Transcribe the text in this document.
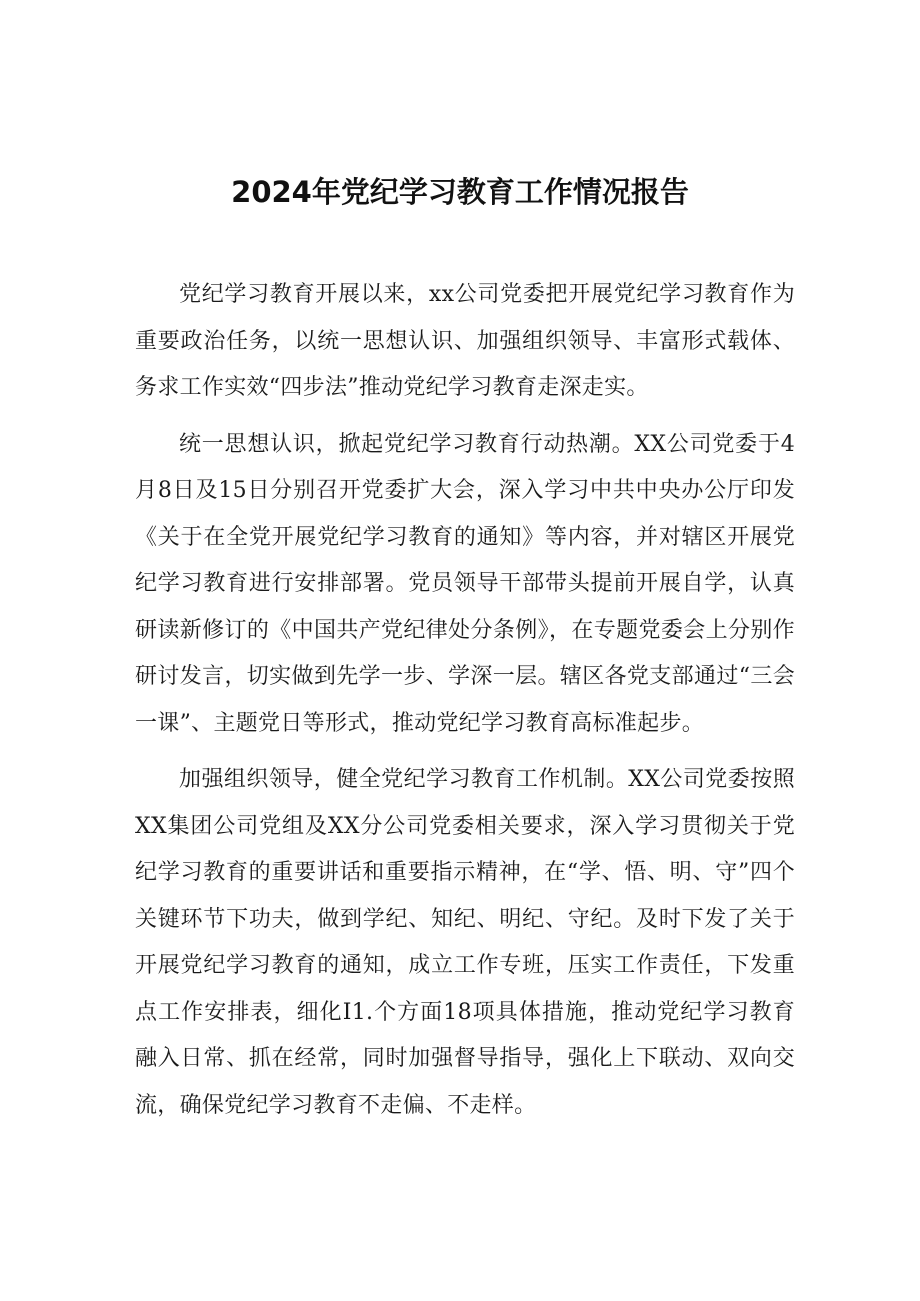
2024年党纪学习教育工作情况报告

党纪学习教育开展以来，xx公司党委把开展党纪学习教育作为重要政治任务，以统一思想认识、加强组织领导、丰富形式载体、务求工作实效“四步法”推动党纪学习教育走深走实。

统一思想认识，掀起党纪学习教育行动热潮。XX公司党委于4月8日及15日分别召开党委扩大会，深入学习中共中央办公厅印发《关于在全党开展党纪学习教育的通知》等内容，并对辖区开展党纪学习教育进行安排部署。党员领导干部带头提前开展自学，认真研读新修订的《中国共产党纪律处分条例》，在专题党委会上分别作研讨发言，切实做到先学一步、学深一层。辖区各党支部通过“三会一课”、主题党日等形式，推动党纪学习教育高标准起步。

加强组织领导，健全党纪学习教育工作机制。XX公司党委按照XX集团公司党组及XX分公司党委相关要求，深入学习贯彻关于党纪学习教育的重要讲话和重要指示精神，在“学、悟、明、守”四个关键环节下功夫，做到学纪、知纪、明纪、守纪。及时下发了关于开展党纪学习教育的通知，成立工作专班，压实工作责任，下发重点工作安排表，细化I1.个方面18项具体措施，推动党纪学习教育融入日常、抓在经常，同时加强督导指导，强化上下联动、双向交流，确保党纪学习教育不走偏、不走样。
